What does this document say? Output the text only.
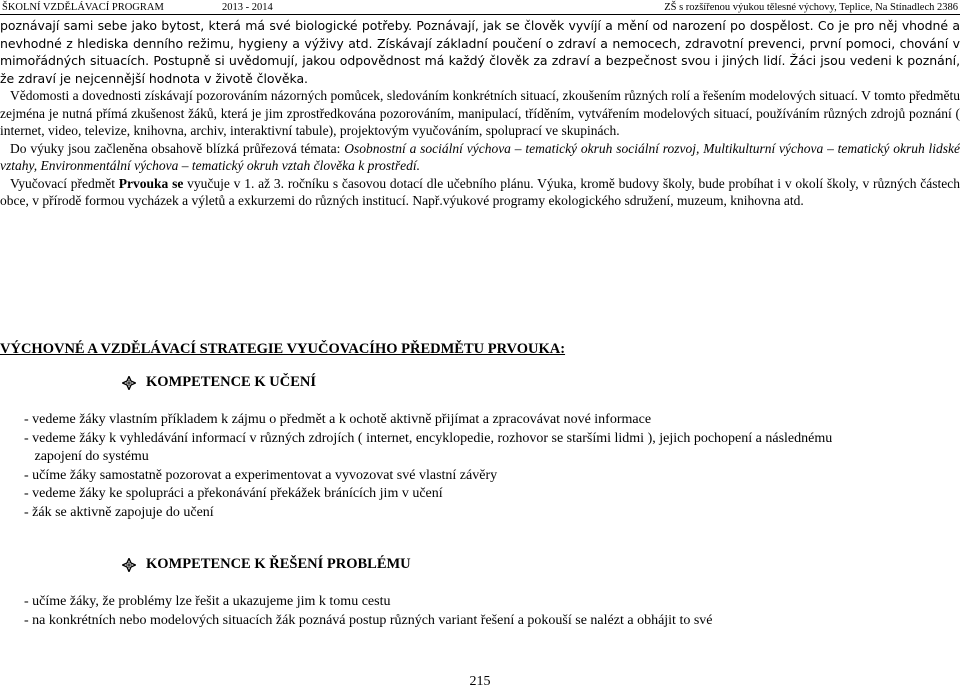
ŠKOLNÍ VZDĚLÁVACÍ PROGRAM	2013 - 2014	ZŠ s rozšířenou výukou tělesné výchovy, Teplice, Na Stínadlech 2386

poznávají sami sebe jako bytost, která má své biologické potřeby. Poznávají, jak se člověk vyvíjí a mění od narození po dospělost. Co je pro něj vhodné a nevhodné z hlediska denního režimu, hygieny a výživy atd. Získávají základní poučení o zdraví a nemocech, zdravotní prevenci, první pomoci, chování v mimořádných situacích. Postupně si uvědomují, jakou odpovědnost má každý člověk za zdraví a bezpečnost svou i jiných lidí. Žáci jsou vedeni k poznání, že zdraví je nejcennější hodnota v životě člověka.

Vědomosti a dovednosti získávají pozorováním názorných pomůcek, sledováním konkrétních situací, zkoušením různých rolí a řešením modelových situací. V tomto předmětu zejména je nutná přímá zkušenost žáků, která je jim zprostředkována pozorováním, manipulací, tříděním, vytvářením modelových situací, používáním různých zdrojů poznání ( internet, video, televize, knihovna, archiv, interaktivní tabule), projektovým vyučováním, spoluprací ve skupinách.

Do výuky jsou začleněna obsahově blízká průřezová témata: Osobnostní a sociální výchova – tematický okruh sociální rozvoj, Multikulturní výchova – tematický okruh lidské vztahy, Environmentální výchova – tematický okruh vztah člověka k prostředí.

Vyučovací předmět Prvouka se vyučuje v 1. až 3. ročníku s časovou dotací dle učebního plánu. Výuka, kromě budovy školy, bude probíhat i v okolí školy, v různých částech obce, v přírodě formou vycházek a výletů a exkurzemi do různých institucí. Např.výukové programy ekologického sdružení, muzeum, knihovna atd.

VÝCHOVNÉ A VZDĚLÁVACÍ STRATEGIE VYUČOVACÍHO PŘEDMĚTU PRVOUKA:

KOMPETENCE K UČENÍ
- vedeme žáky vlastním příkladem k zájmu o předmět a k ochotě aktivně přijímat a zpracovávat nové informace
- vedeme žáky k vyhledávání informací v různých zdrojích ( internet, encyklopedie, rozhovor se staršími lidmi ), jejich pochopení a následnému
zapojení do systému
- učíme žáky samostatně pozorovat a experimentovat a vyvozovat své vlastní závěry
- vedeme žáky ke spolupráci a překonávání překážek bránících jim v učení
- žák se aktivně zapojuje do učení
KOMPETENCE K ŘEŠENÍ PROBLÉMU
- učíme žáky, že problémy lze řešit a ukazujeme jim k tomu cestu
- na konkrétních nebo modelových situacích žák poznává postup různých variant řešení a pokouší se nalézt a obhájit to své
215
